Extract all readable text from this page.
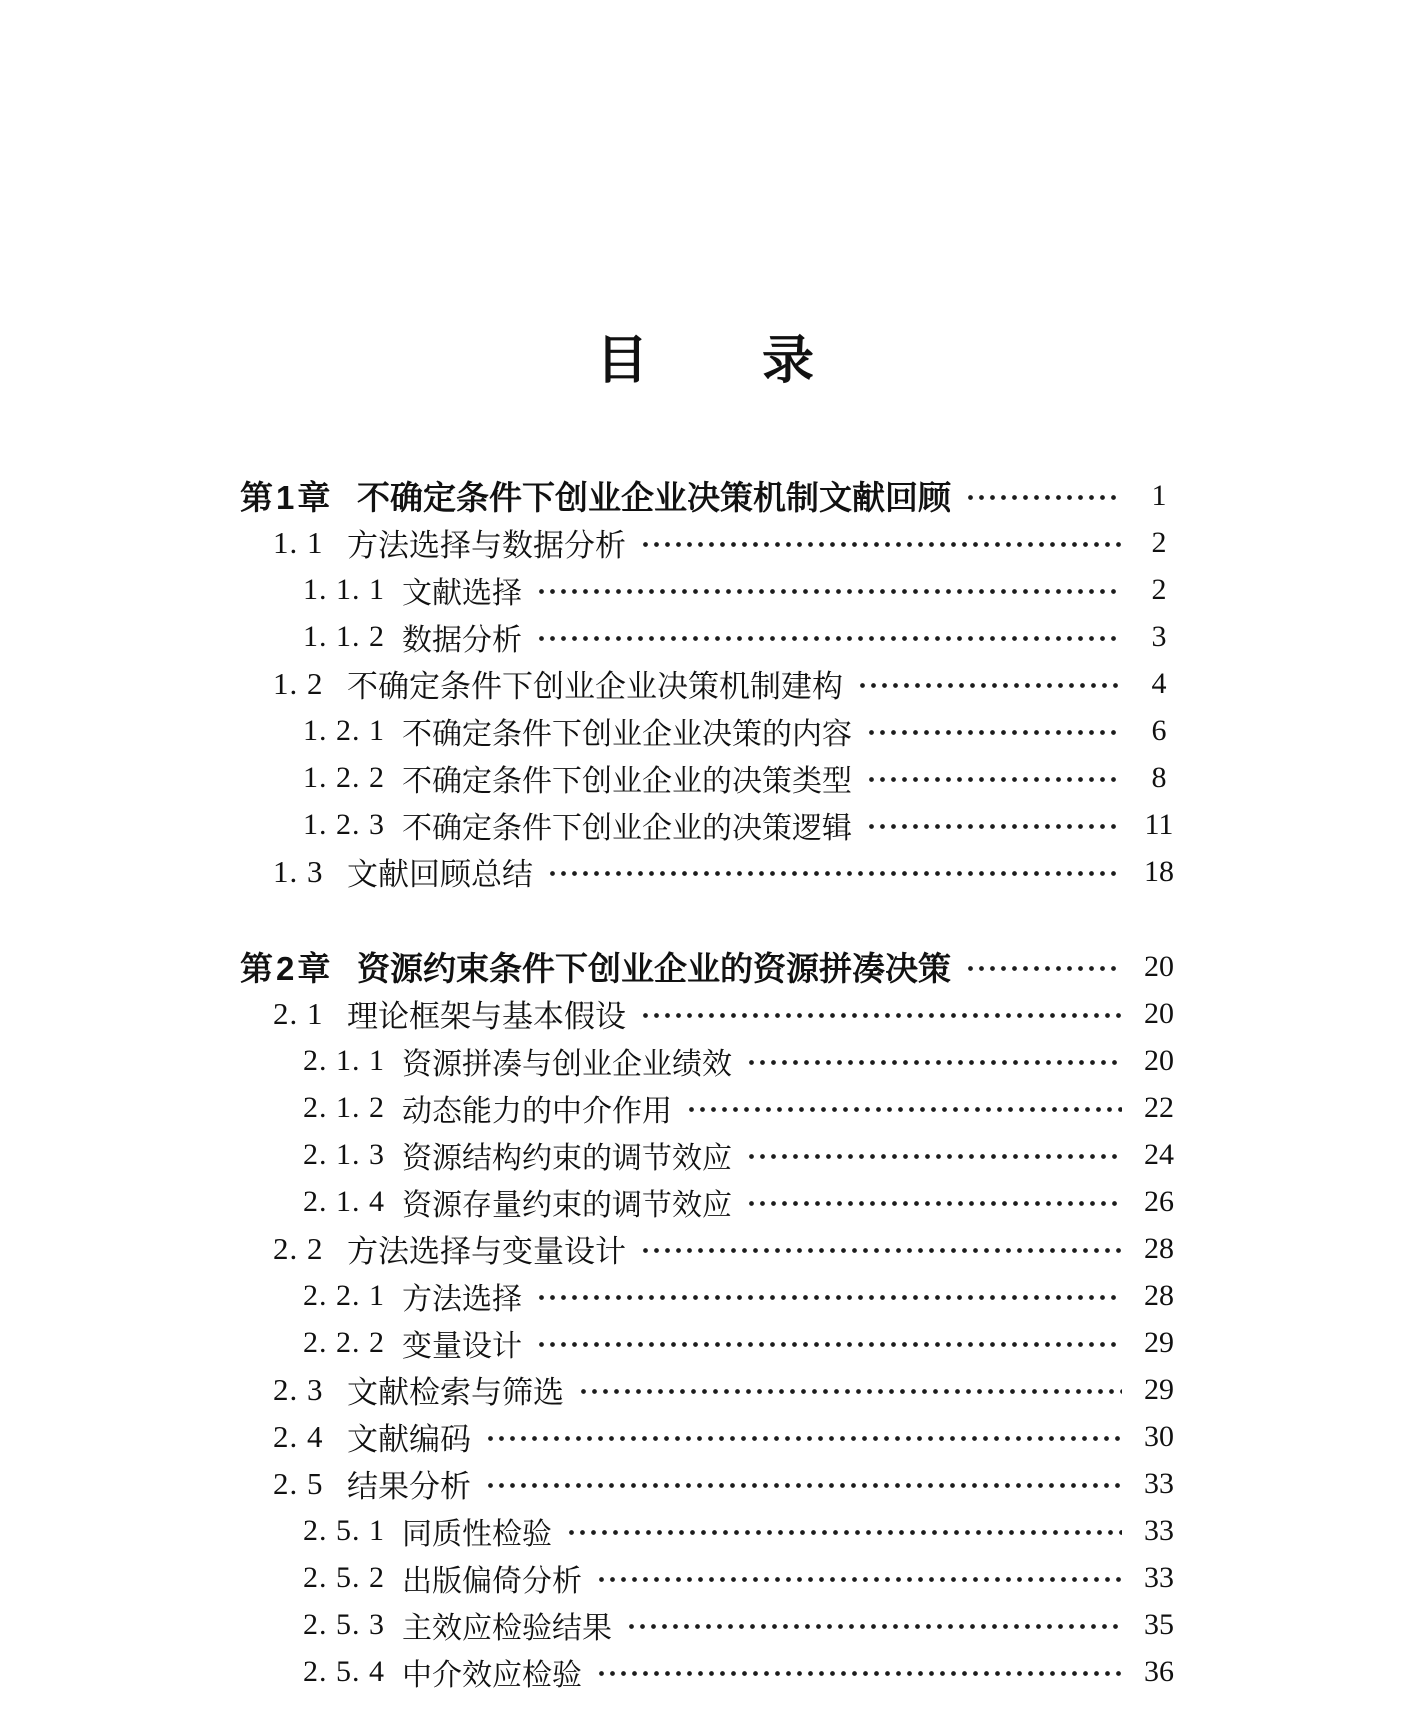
目 录
第1章 不确定条件下创业企业决策机制文献回顾	1
1. 1 方法选择与数据分析	2
1. 1. 1 文献选择	2
1. 1. 2 数据分析	3
1. 2 不确定条件下创业企业决策机制建构	4
1. 2. 1 不确定条件下创业企业决策的内容	6
1. 2. 2 不确定条件下创业企业的决策类型	8
1. 2. 3 不确定条件下创业企业的决策逻辑	11
1. 3 文献回顾总结	18
第2章 资源约束条件下创业企业的资源拼凑决策	20
2. 1 理论框架与基本假设	20
2. 1. 1 资源拼凑与创业企业绩效	20
2. 1. 2 动态能力的中介作用	22
2. 1. 3 资源结构约束的调节效应	24
2. 1. 4 资源存量约束的调节效应	26
2. 2 方法选择与变量设计	28
2. 2. 1 方法选择	28
2. 2. 2 变量设计	29
2. 3 文献检索与筛选	29
2. 4 文献编码	30
2. 5 结果分析	33
2. 5. 1 同质性检验	33
2. 5. 2 出版偏倚分析	33
2. 5. 3 主效应检验结果	35
2. 5. 4 中介效应检验	36
